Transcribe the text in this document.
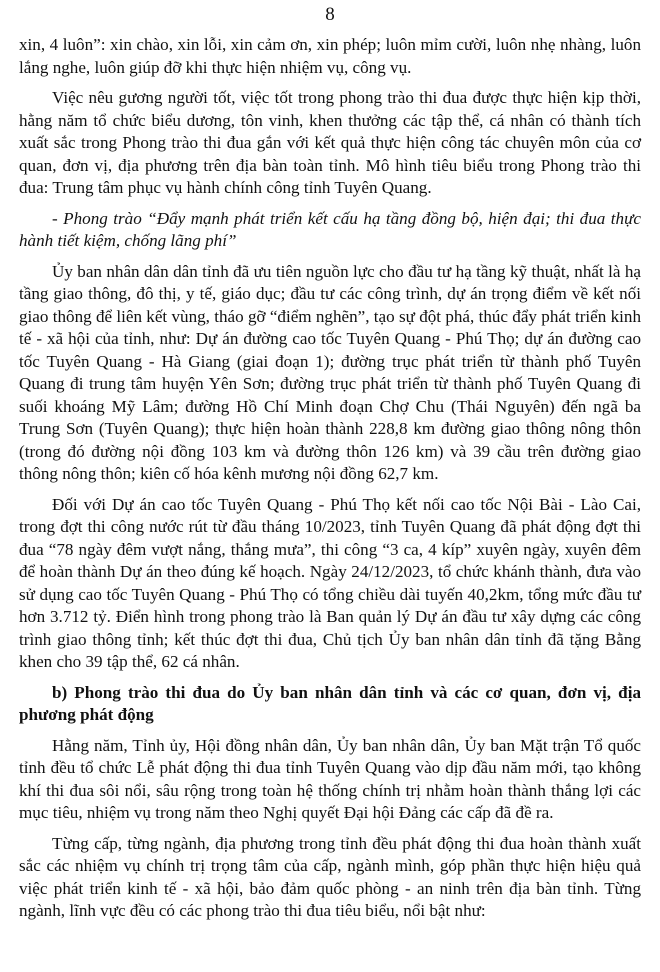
8

xin, 4 luôn”: xin chào, xin lỗi, xin cảm ơn, xin phép; luôn mỉm cười, luôn nhẹ nhàng, luôn lắng nghe, luôn giúp đỡ khi thực hiện nhiệm vụ, công vụ.

Việc nêu gương người tốt, việc tốt trong phong trào thi đua được thực hiện kịp thời, hằng năm tổ chức biểu dương, tôn vinh, khen thưởng các tập thể, cá nhân có thành tích xuất sắc trong Phong trào thi đua gắn với kết quả thực hiện công tác chuyên môn của cơ quan, đơn vị, địa phương trên địa bàn toàn tỉnh. Mô hình tiêu biểu trong Phong trào thi đua: Trung tâm phục vụ hành chính công tỉnh Tuyên Quang.

- Phong trào “Đẩy mạnh phát triển kết cấu hạ tầng đồng bộ, hiện đại; thi đua thực hành tiết kiệm, chống lãng phí”

Ủy ban nhân dân dân tỉnh đã ưu tiên nguồn lực cho đầu tư hạ tầng kỹ thuật, nhất là hạ tầng giao thông, đô thị, y tế, giáo dục; đầu tư các công trình, dự án trọng điểm về kết nối giao thông để liên kết vùng, tháo gỡ “điểm nghẽn”, tạo sự đột phá, thúc đẩy phát triển kinh tế - xã hội của tỉnh, như: Dự án đường cao tốc Tuyên Quang - Phú Thọ; dự án đường cao tốc Tuyên Quang - Hà Giang (giai đoạn 1); đường trục phát triển từ thành phố Tuyên Quang đi trung tâm huyện Yên Sơn; đường trục phát triển từ thành phố Tuyên Quang đi suối khoáng Mỹ Lâm; đường Hồ Chí Minh đoạn Chợ Chu (Thái Nguyên) đến ngã ba Trung Sơn (Tuyên Quang); thực hiện hoàn thành 228,8 km đường giao thông nông thôn (trong đó đường nội đồng 103 km và đường thôn 126 km) và 39 cầu trên đường giao thông nông thôn; kiên cố hóa kênh mương nội đồng 62,7 km.

Đối với Dự án cao tốc Tuyên Quang - Phú Thọ kết nối cao tốc Nội Bài - Lào Cai, trong đợt thi công nước rút từ đầu tháng 10/2023, tỉnh Tuyên Quang đã phát động đợt thi đua “78 ngày đêm vượt nắng, thắng mưa”, thi công “3 ca, 4 kíp” xuyên ngày, xuyên đêm để hoàn thành Dự án theo đúng kế hoạch. Ngày 24/12/2023, tổ chức khánh thành, đưa vào sử dụng cao tốc Tuyên Quang - Phú Thọ có tổng chiều dài tuyến 40,2km, tổng mức đầu tư hơn 3.712 tỷ. Điển hình trong phong trào là Ban quản lý Dự án đầu tư xây dựng các công trình giao thông tỉnh; kết thúc đợt thi đua, Chủ tịch Ủy ban nhân dân tỉnh đã tặng Bằng khen cho 39 tập thể, 62 cá nhân.

b) Phong trào thi đua do Ủy ban nhân dân tỉnh và các cơ quan, đơn vị, địa phương phát động

Hằng năm, Tỉnh ủy, Hội đồng nhân dân, Ủy ban nhân dân, Ủy ban Mặt trận Tổ quốc tỉnh đều tổ chức Lễ phát động thi đua tỉnh Tuyên Quang vào dịp đầu năm mới, tạo không khí thi đua sôi nổi, sâu rộng trong toàn hệ thống chính trị nhằm hoàn thành thắng lợi các mục tiêu, nhiệm vụ trong năm theo Nghị quyết Đại hội Đảng các cấp đã đề ra.

Từng cấp, từng ngành, địa phương trong tỉnh đều phát động thi đua hoàn thành xuất sắc các nhiệm vụ chính trị trọng tâm của cấp, ngành mình, góp phần thực hiện hiệu quả việc phát triển kinh tế - xã hội, bảo đảm quốc phòng - an ninh trên địa bàn tỉnh. Từng ngành, lĩnh vực đều có các phong trào thi đua tiêu biểu, nổi bật như:
